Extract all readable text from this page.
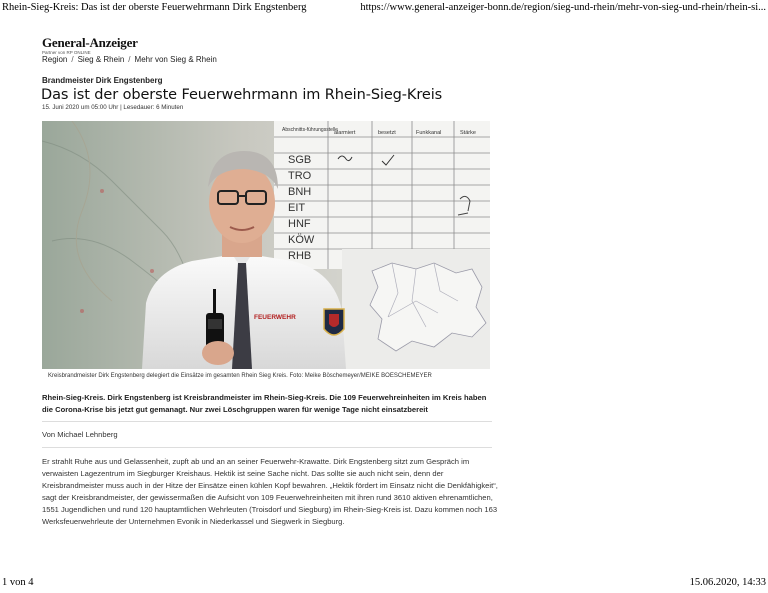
Rhein-Sieg-Kreis: Das ist der oberste Feuerwehrmann Dirk Engstenberg	https://www.general-anzeiger-bonn.de/region/sieg-und-rhein/mehr-von-sieg-und-rhein/rhein-si...
General-Anzeiger
Partner von RP ONLINE
Region / Sieg & Rhein / Mehr von Sieg & Rhein
Brandmeister Dirk Engstenberg
Das ist der oberste Feuerwehrmann im Rhein-Sieg-Kreis
15. Juni 2020 um 05:00 Uhr | Lesedauer: 6 Minuten
Abschnitts-führungsstelle
alarmiert	besetzt	Funkkanal	Stärke
SGB
TRO
BNH
EIT
HNF
KÖW
RHB
FEUERWEHR
Kreisbrandmeister Dirk Engstenberg delegiert die Einsätze im gesamten Rhein Sieg Kreis. Foto: Meike Böschemeyer/MEIKE BOESCHEMEYER

Rhein-Sieg-Kreis. Dirk Engstenberg ist Kreisbrandmeister im Rhein-Sieg-Kreis. Die 109 Feuerwehreinheiten im Kreis haben die Corona-Krise bis jetzt gut gemanagt. Nur zwei Löschgruppen waren für wenige Tage nicht einsatzbereit

Von Michael Lehnberg

Er strahlt Ruhe aus und Gelassenheit, zupft ab und an an seiner Feuerwehr-Krawatte. Dirk Engstenberg sitzt zum Gespräch im verwaisten Lagezentrum im Siegburger Kreishaus. Hektik ist seine Sache nicht. Das sollte sie auch nicht sein, denn der Kreisbrandmeister muss auch in der Hitze der Einsätze einen kühlen Kopf bewahren. „Hektik fördert im Einsatz nicht die Denkfähigkeit“, sagt der Kreisbrandmeister, der gewissermaßen die Aufsicht von 109 Feuerwehreinheiten mit ihren rund 3610 aktiven ehrenamtlichen, 1551 Jugendlichen und rund 120 hauptamtlichen Wehrleuten (Troisdorf und Siegburg) im Rhein-Sieg-Kreis ist. Dazu kommen noch 163 Werksfeuerwehrleute der Unternehmen Evonik in Niederkassel und Siegwerk in Siegburg.

1 von 4	15.06.2020, 14:33
